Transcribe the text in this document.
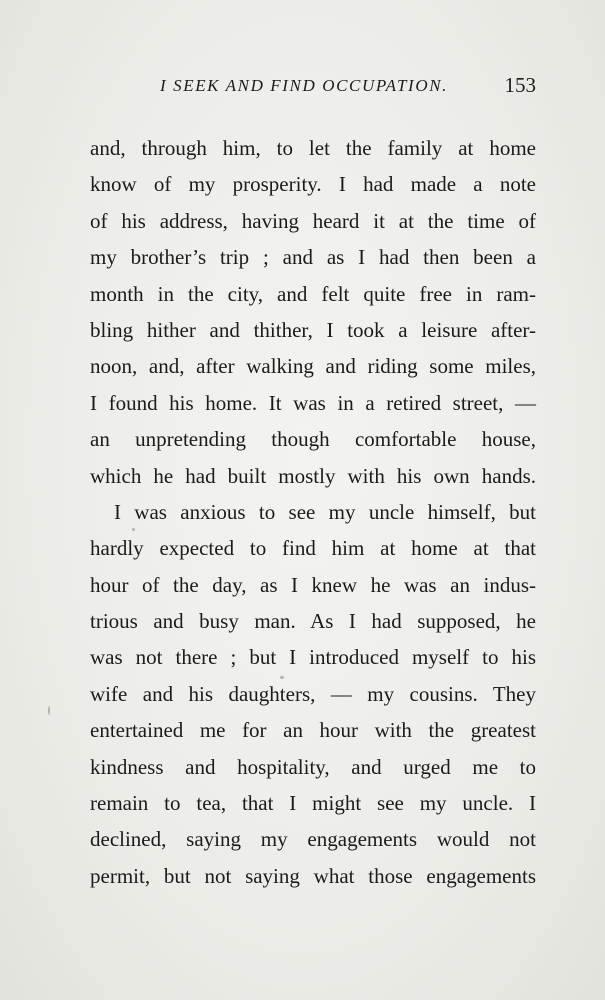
I SEEK AND FIND OCCUPATION.	153
and, through him, to let the family at home
know of my prosperity. I had made a note
of his address, having heard it at the time of
my brother’s trip ; and as I had then been a
month in the city, and felt quite free in ram-
bling hither and thither, I took a leisure after-
noon, and, after walking and riding some miles,
I found his home. It was in a retired street, —
an unpretending though comfortable house,
which he had built mostly with his own hands.
I was anxious to see my uncle himself, but
hardly expected to find him at home at that
hour of the day, as I knew he was an indus-
trious and busy man. As I had supposed, he
was not there ; but I introduced myself to his
wife and his daughters, — my cousins. They
entertained me for an hour with the greatest
kindness and hospitality, and urged me to
remain to tea, that I might see my uncle. I
declined, saying my engagements would not
permit, but not saying what those engagements
